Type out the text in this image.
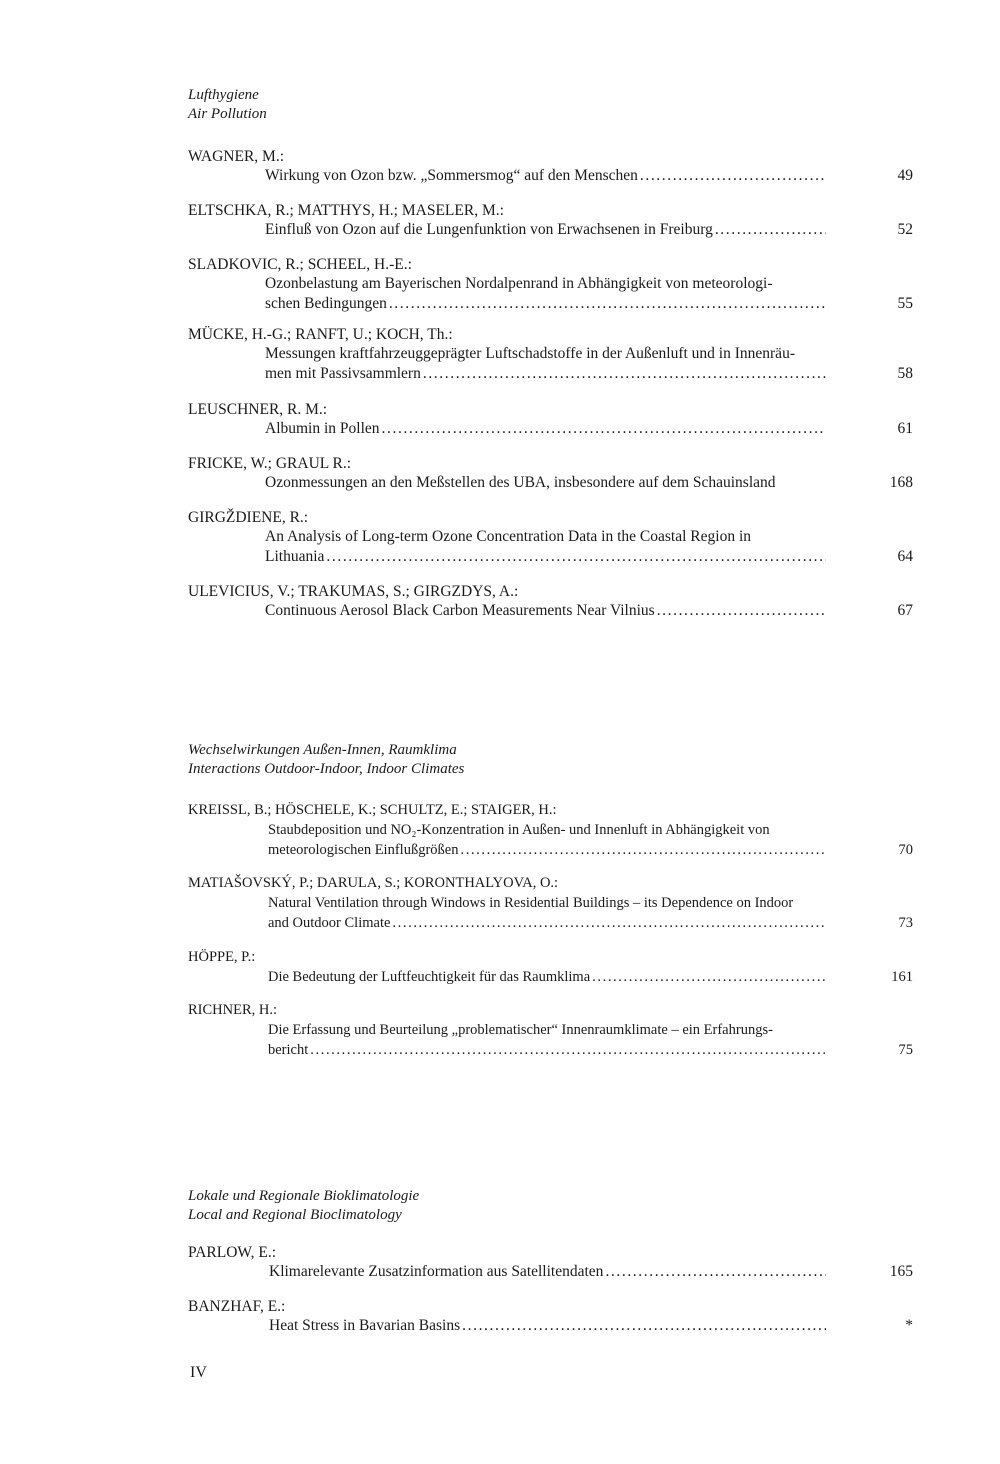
Lufthygiene
Air Pollution
WAGNER, M.:
Wirkung von Ozon bzw. „Sommersmog“ auf den Menschen .....	49
ELTSCHKA, R.; MATTHYS, H.; MASELER, M.:
Einfluß von Ozon auf die Lungenfunktion von Erwachsenen in Freiburg .....	52
SLADKOVIC, R.; SCHEEL, H.-E.:
Ozonbelastung am Bayerischen Nordalpenrand in Abhängigkeit von meteorologi-
schen Bedingungen .....	55
MÜCKE, H.-G.; RANFT, U.; KOCH, Th.:
Messungen kraftfahrzeuggeprägter Luftschadstoffe in der Außenluft und in Innenräu-
men mit Passivsammlern .....	58
LEUSCHNER, R. M.:
Albumin in Pollen .....	61
FRICKE, W.; GRAUL R.:
Ozonmessungen an den Meßstellen des UBA, insbesondere auf dem Schauinsland	168
GIRGŽDIENE, R.:
An Analysis of Long-term Ozone Concentration Data in the Coastal Region in
Lithuania .....	64
ULEVICIUS, V.; TRAKUMAS, S.; GIRGZDYS, A.:
Continuous Aerosol Black Carbon Measurements Near Vilnius .....	67
Wechselwirkungen Außen-Innen, Raumklima
Interactions Outdoor-Indoor, Indoor Climates
KREISSL, B.; HÖSCHELE, K.; SCHULTZ, E.; STAIGER, H.:
Staubdeposition und NO₂-Konzentration in Außen- und Innenluft in Abhängigkeit von
meteorologischen Einflußgrößen .....	70
MATIAŠOVSKÝ, P.; DARULA, S.; KORONTHALYOVA, O.:
Natural Ventilation through Windows in Residential Buildings – its Dependence on Indoor
and Outdoor Climate .....	73
HÖPPE, P.:
Die Bedeutung der Luftfeuchtigkeit für das Raumklima .....	161
RICHNER, H.:
Die Erfassung und Beurteilung „problematischer“ Innenraumklimate – ein Erfahrungs-
bericht .....	75
Lokale und Regionale Bioklimatologie
Local and Regional Bioclimatology
PARLOW, E.:
Klimarelevante Zusatzinformation aus Satellitendaten .....	165
BANZHAF, E.:
Heat Stress in Bavarian Basins .....	*
IV
